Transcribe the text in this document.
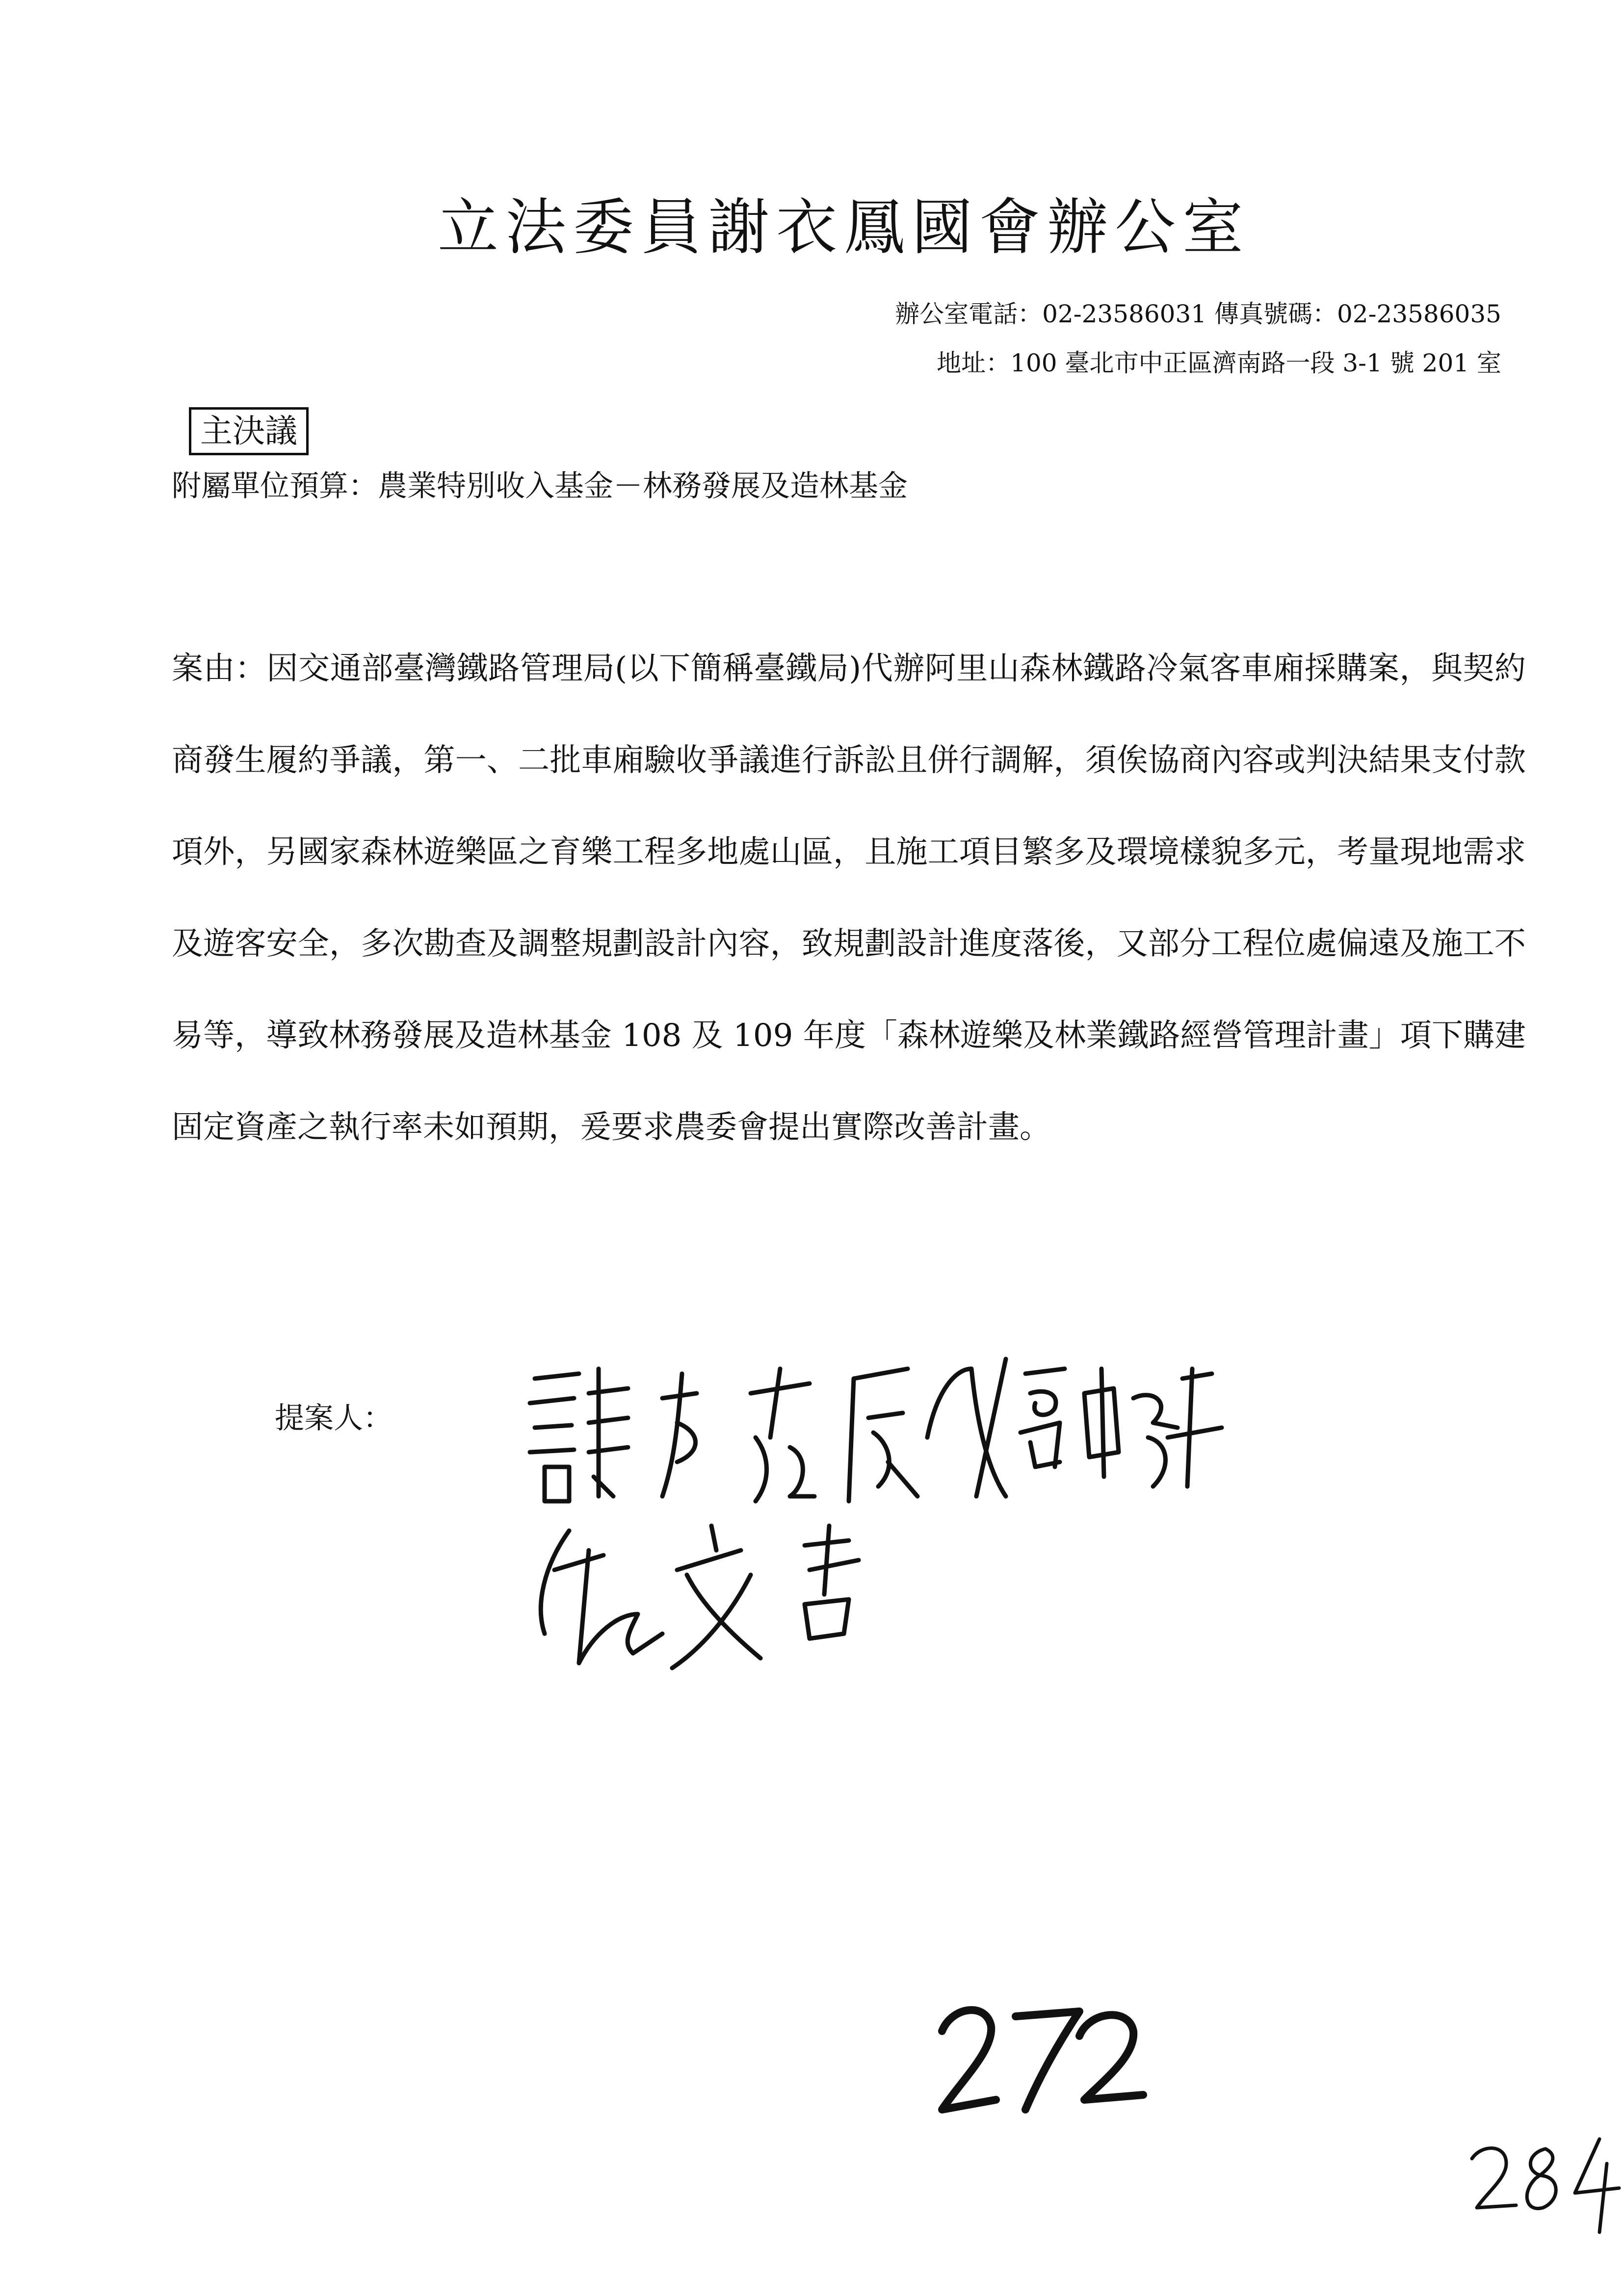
立法委員謝衣鳳國會辦公室
辦公室電話：02-23586031 傳真號碼：02-23586035
地址：100 臺北市中正區濟南路一段 3-1 號 201 室
主決議
附屬單位預算：農業特別收入基金－林務發展及造林基金
案由：因交通部臺灣鐵路管理局(以下簡稱臺鐵局)代辦阿里山森林鐵路冷氣客車廂採購案，與契約商發生履約爭議，第一、二批車廂驗收爭議進行訴訟且併行調解，須俟協商內容或判決結果支付款項外，另國家森林遊樂區之育樂工程多地處山區，且施工項目繁多及環境樣貌多元，考量現地需求及遊客安全，多次勘查及調整規劃設計內容，致規劃設計進度落後，又部分工程位處偏遠及施工不易等，導致林務發展及造林基金 108 及 109 年度「森林遊樂及林業鐵路經營管理計畫」項下購建固定資產之執行率未如預期，爰要求農委會提出實際改善計畫。
提案人：
